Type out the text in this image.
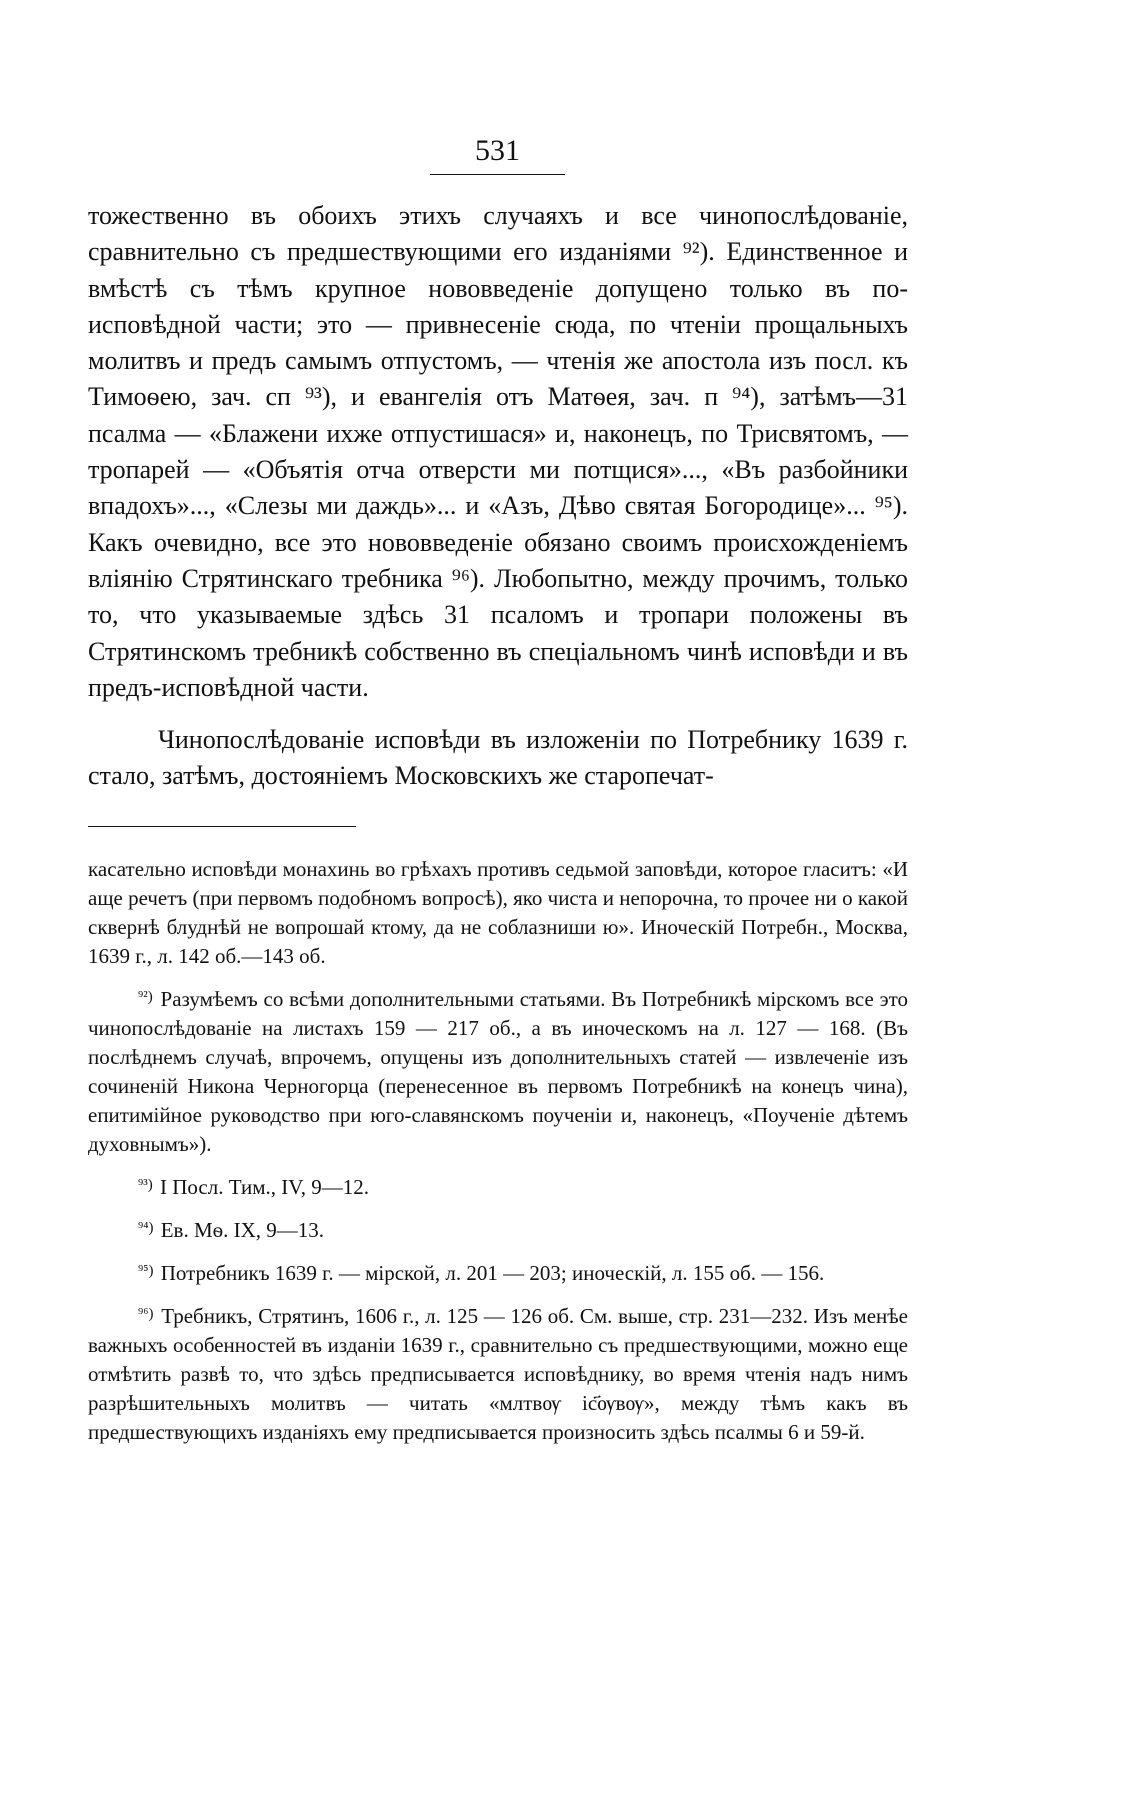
531

тожественно въ обоихъ этихъ случаяхъ и все чинопослѣдованіе, сравнительно съ предшествующими его изданіями ⁹²). Единственное и вмѣстѣ съ тѣмъ крупное нововведеніе допущено только въ по-исповѣдной части; это — привнесеніе сюда, по чтеніи прощальныхъ молитвъ и предъ самымъ отпустомъ, — чтенія же апостола изъ посл. къ Тимоѳею, зач. сп ⁹³), и евангелія отъ Матѳея, зач. п ⁹⁴), затѣмъ—31 псалма — «Блажени ихже отпустишася» и, наконецъ, по Трисвятомъ, — тропарей — «Объятія отча отверсти ми потщися»..., «Въ разбойники впадохъ»..., «Слезы ми даждь»... и «Азъ, Дѣво святая Богородице»... ⁹⁵). Какъ очевидно, все это нововведеніе обязано своимъ происхожденіемъ вліянію Стрятинскаго требника ⁹⁶). Любопытно, между прочимъ, только то, что указываемые здѣсь 31 псаломъ и тропари положены въ Стрятинскомъ требникѣ собственно въ спеціальномъ чинѣ исповѣди и въ предъ-исповѣдной части.

Чинопослѣдованіе исповѣди въ изложеніи по Потребнику 1639 г. стало, затѣмъ, достояніемъ Московскихъ же старопечат-

касательно исповѣди монахинь во грѣхахъ противъ седьмой заповѣди, которое гласитъ: «И аще речетъ (при первомъ подобномъ вопросѣ), яко чиста и непорочна, то прочее ни о какой сквернѣ блуднѣй не вопрошай ктому, да не соблазниши ю». Иноческій Потребн., Москва, 1639 г., л. 142 об.—143 об.

$^{^{92})}$ Разумѣемъ со всѣми дополнительными статьями. Въ Потребникѣ мірскомъ все это чинопослѣдованіе на листахъ 159 — 217 об., а въ иноческомъ на л. 127 — 168. (Въ послѣднемъ случаѣ, впрочемъ, опущены изъ дополнительныхъ статей — извлеченіе изъ сочиненій Никона Черногорца (перенесенное въ первомъ Потребникѣ на конецъ чина), епитимійное руководство при юго-славянскомъ поученіи и, наконецъ, «Поученіе дѣтемъ духовнымъ»).

$^{^{93})}$ I Посл. Тим., IV, 9—12.

$^{^{94})}$ Ев. Мѳ. IX, 9—13.

$^{^{95})}$ Потребникъ 1639 г. — мірской, л. 201 — 203; иноческій, л. 155 об. — 156.

$^{^{96})}$ Требникъ, Стрятинъ, 1606 г., л. 125 — 126 об. См. выше, стр. 231—232. Изъ менѣе важныхъ особенностей въ изданіи 1639 г., сравнительно съ предшествующими, можно еще отмѣтить развѣ то, что здѣсь предписывается исповѣднику, во время чтенія надъ нимъ разрѣшительныхъ молитвъ — читать «млтвѹ іс҃ѹвѹ», между тѣмъ какъ въ предшествующихъ изданіяхъ ему предписывается произносить здѣсь псалмы 6 и 59-й.
